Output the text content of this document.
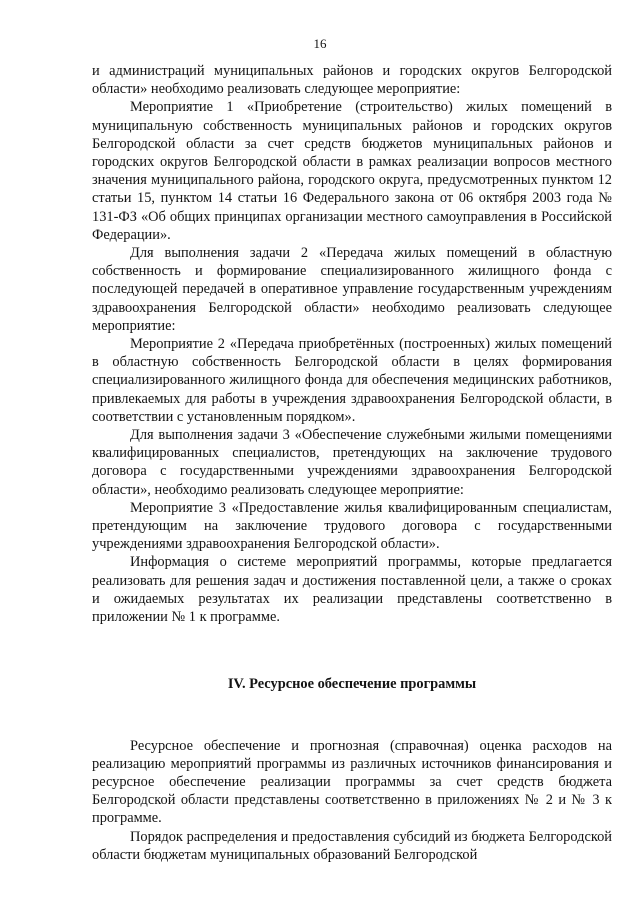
16

и администраций муниципальных районов и городских округов Белгородской области» необходимо реализовать следующее мероприятие:

Мероприятие 1 «Приобретение (строительство) жилых помещений в муниципальную собственность муниципальных районов и городских округов Белгородской области за счет средств бюджетов муниципальных районов и городских округов Белгородской области в рамках реализации вопросов местного значения муниципального района, городского округа, предусмотренных пунктом 12 статьи 15, пунктом 14 статьи 16 Федерального закона от 06 октября 2003 года № 131-ФЗ «Об общих принципах организации местного самоуправления в Российской Федерации».

Для выполнения задачи 2 «Передача жилых помещений в областную собственность и формирование специализированного жилищного фонда с последующей передачей в оперативное управление государственным учреждениям здравоохранения Белгородской области» необходимо реализовать следующее мероприятие:

Мероприятие 2 «Передача приобретённых (построенных) жилых помещений в областную собственность Белгородской области в целях формирования специализированного жилищного фонда для обеспечения медицинских работников, привлекаемых для работы в учреждения здравоохранения Белгородской области, в соответствии с установленным порядком».

Для выполнения задачи 3 «Обеспечение служебными жилыми помещениями квалифицированных специалистов, претендующих на заключение трудового договора с государственными учреждениями здравоохранения Белгородской области», необходимо реализовать следующее мероприятие:

Мероприятие 3 «Предоставление жилья квалифицированным специалистам, претендующим на заключение трудового договора с государственными учреждениями здравоохранения Белгородской области».

Информация о системе мероприятий программы, которые предлагается реализовать для решения задач и достижения поставленной цели, а также о сроках и ожидаемых результатах их реализации представлены соответственно в приложении № 1 к программе.

IV. Ресурсное обеспечение программы

Ресурсное обеспечение и прогнозная (справочная) оценка расходов на реализацию мероприятий программы из различных источников финансирования и ресурсное обеспечение реализации программы за счет средств бюджета Белгородской области представлены соответственно в приложениях № 2 и № 3 к программе.

Порядок распределения и предоставления субсидий из бюджета Белгородской области бюджетам муниципальных образований Белгородской
